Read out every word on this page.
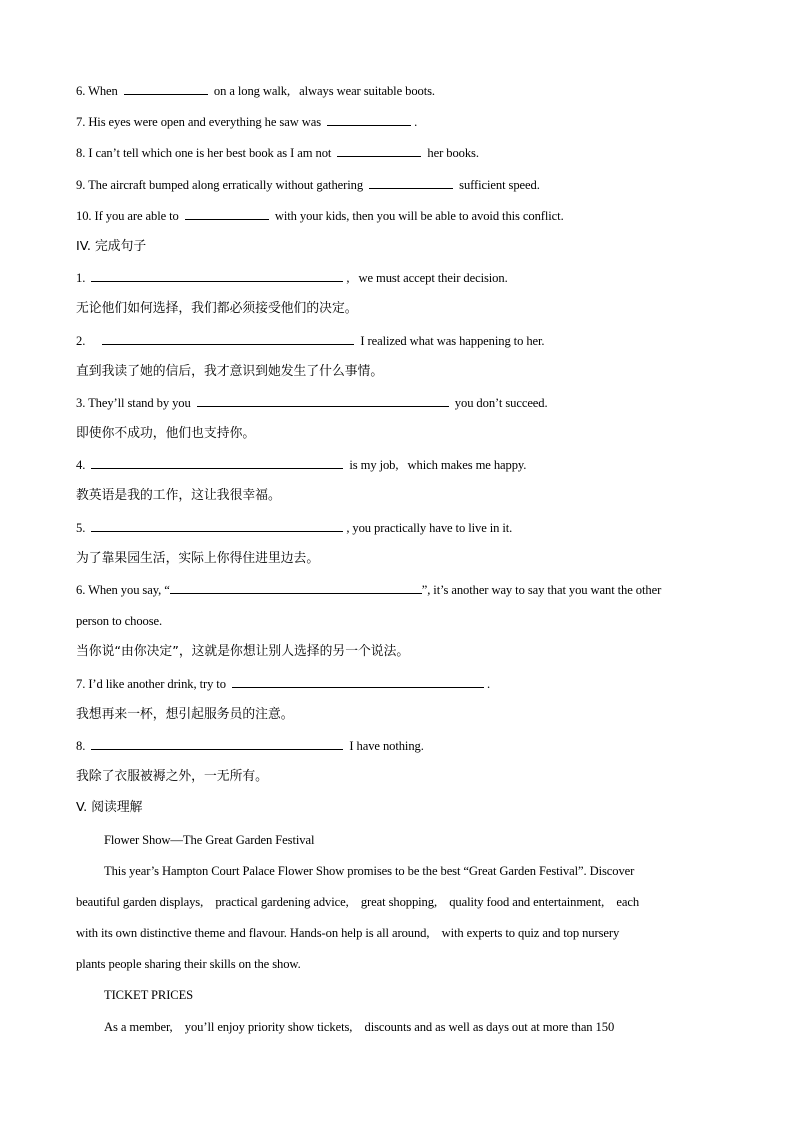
6. When	on a long walk,   always wear suitable boots.
7. His eyes were open and everything he saw was	.
8. I can’t tell which one is her best book as I am not	her books.
9. The aircraft bumped along erratically without gathering	sufficient speed.
10. If you are able to	with your kids, then you will be able to avoid this conflict.
IV. 完成句子
1.	,   we must accept their decision.
无论他们如何选择，我们都必须接受他们的决定。
2.	I realized what was happening to her.
直到我读了她的信后，我才意识到她发生了什么事情。
3. They’ll stand by you	you don’t succeed.
即使你不成功，他们也支持你。
4.	is my job,   which makes me happy.
教英语是我的工作，这让我很幸福。
5.	, you practically have to live in it.
为了靠果园生活，实际上你得住进里边去。
6. When you say, “	”, it’s another way to say that you want the other
person to choose.
当你说“由你决定”，这就是你想让别人选择的另一个说法。
7. I’d like another drink, try to	.
我想再来一杯，想引起服务员的注意。
8.	I have nothing.
我除了衣服被褥之外，一无所有。
V. 阅读理解
Flower Show—The Great Garden Festival
This year’s Hampton Court Palace Flower Show promises to be the best “Great Garden Festival”. Discover
beautiful garden displays,    practical gardening advice,    great shopping,    quality food and entertainment,    each
with its own distinctive theme and flavour. Hands-on help is all around,    with experts to quiz and top nursery
plants people sharing their skills on the show.
TICKET PRICES
As a member,    you’ll enjoy priority show tickets,    discounts and as well as days out at more than 150
